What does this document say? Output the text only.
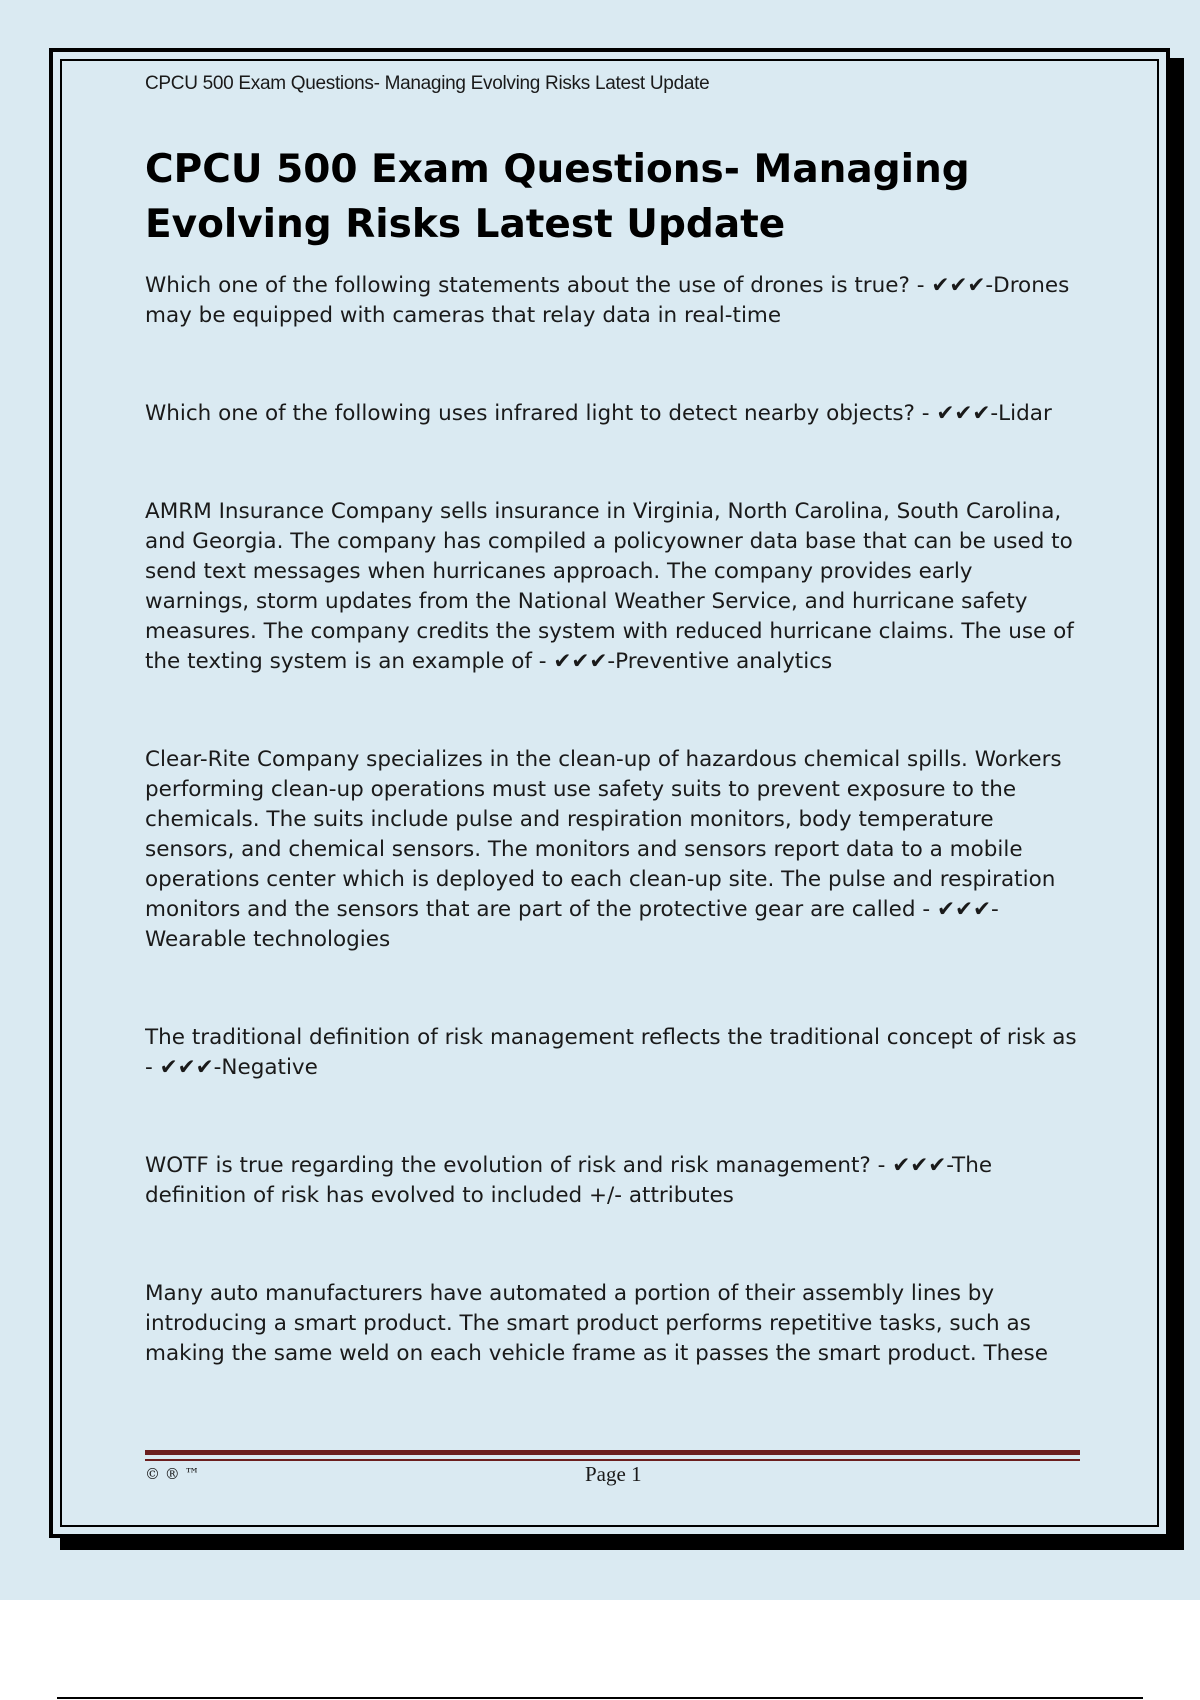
CPCU 500 Exam Questions- Managing Evolving Risks Latest Update
CPCU 500 Exam Questions- Managing Evolving Risks Latest Update

Which one of the following statements about the use of drones is true? - ✔✔✔-Drones may be equipped with cameras that relay data in real-time

Which one of the following uses infrared light to detect nearby objects? - ✔✔✔-Lidar

AMRM Insurance Company sells insurance in Virginia, North Carolina, South Carolina, and Georgia. The company has compiled a policyowner data base that can be used to send text messages when hurricanes approach. The company provides early warnings, storm updates from the National Weather Service, and hurricane safety measures. The company credits the system with reduced hurricane claims. The use of the texting system is an example of - ✔✔✔-Preventive analytics

Clear-Rite Company specializes in the clean-up of hazardous chemical spills. Workers performing clean-up operations must use safety suits to prevent exposure to the chemicals. The suits include pulse and respiration monitors, body temperature sensors, and chemical sensors. The monitors and sensors report data to a mobile operations center which is deployed to each clean-up site. The pulse and respiration monitors and the sensors that are part of the protective gear are called - ✔✔✔-Wearable technologies

The traditional definition of risk management reflects the traditional concept of risk as - ✔✔✔-Negative

WOTF is true regarding the evolution of risk and risk management? - ✔✔✔-The definition of risk has evolved to included +/- attributes

Many auto manufacturers have automated a portion of their assembly lines by introducing a smart product. The smart product performs repetitive tasks, such as making the same weld on each vehicle frame as it passes the smart product. These

© ® ™	Page 1
